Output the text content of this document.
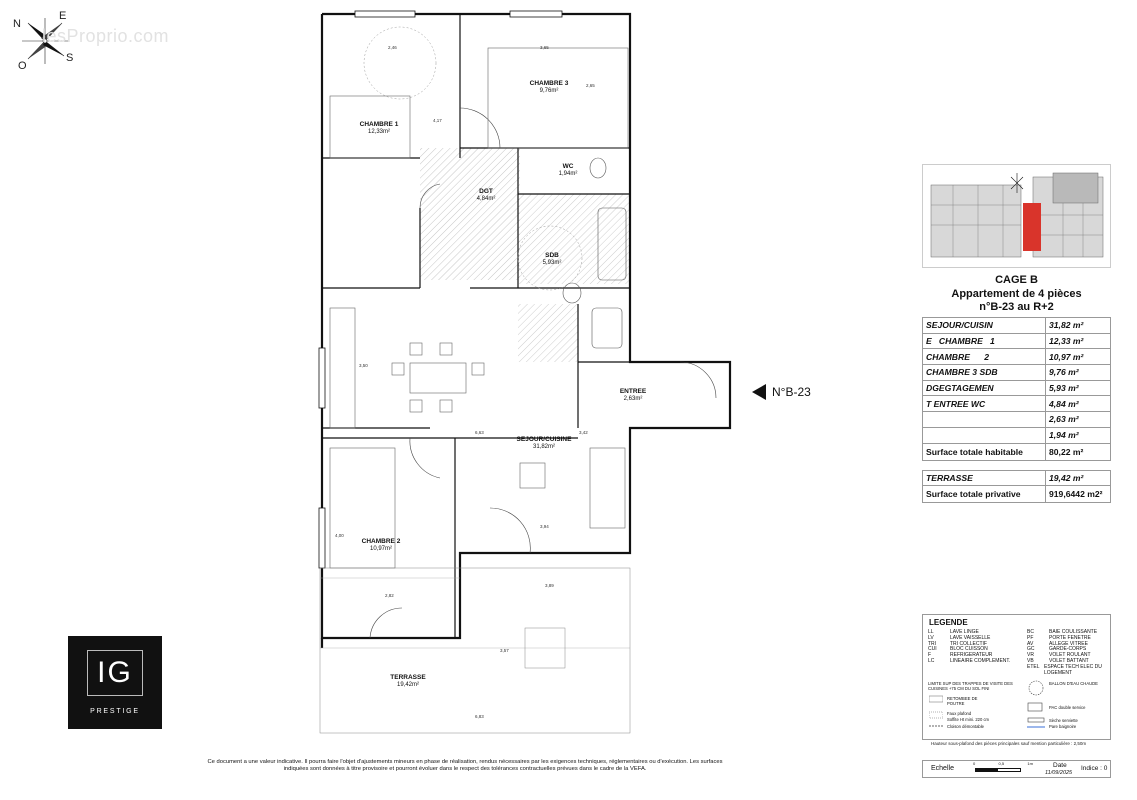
N
E
S
O
lesProprio.com
CHAMBRE 1
12,33m²
CHAMBRE 3
9,76m²
WC
1,94m²
DGT
4,84m²
SDB
5,93m²
ENTREE
2,63m²
SEJOUR/CUISINE
31,82m²
CHAMBRE 2
10,97m²
TERRASSE
19,42m²
2,46	3,65
4,17
2,65
3,50
6,63	3,42
3,94
4,00
2,82
3,89
3,57
6,83
N°B-23
IG
PRESTIGE
Ce document a une valeur indicative. Il pourra faire l'objet d'ajustements mineurs en phase de réalisation, rendus nécessaires par les exigences techniques, réglementaires ou d'exécution. Les surfaces indiquées sont données à titre provisoire et pourront évoluer dans le respect des tolérances contractuelles prévues dans le cadre de la VEFA.
CAGE B
Appartement de 4 pièces
n°B-23 au R+2
SEJOUR/CUISIN	31,82 m²
E   CHAMBRE   1	12,33 m²
CHAMBRE      2	10,97 m²
CHAMBRE 3 SDB	9,76 m²
DGEGTAGEMEN	5,93 m²
T ENTREE WC	4,84 m²
	2,63 m²
	1,94 m²
Surface totale habitable	80,22 m²

TERRASSE	19,42 m²
Surface totale privative	919,6442 m2²
LEGENDE
LL	LAVE LINGE
LV	LAVE VAISSELLE
TRI	TRI COLLECTIF
CUI	BLOC CUISSON
F	REFRIGERATEUR
LC	LINEAIRE COMPLEMENT.
BC	BAIE COULISSANTE
PF	PORTE FENETRE
AV	ALLEGE VITREE
GC	GARDE-CORPS
VR	VOLET ROULANT
VB	VOLET BATTANT
ETEL ESPACE TECH ELEC DU LOGEMENT
LIMITE SUP DES TRAPPES DE VISITE DES CUISINES +75 CM DU SOL FINI
RETOMBEE DE POUTRE
Faux plafond
Soffite Ht mini. 220 cm
Cloison démontable
BALLON D'EAU CHAUDE
PAC double service
Sèche serviette
Pare baignoire
Hauteur sous-plafond des pièces principales sauf mention particulière : 2,50m
Echelle
0	0,5	1m	Date
11/09/2025
Indice : 0
